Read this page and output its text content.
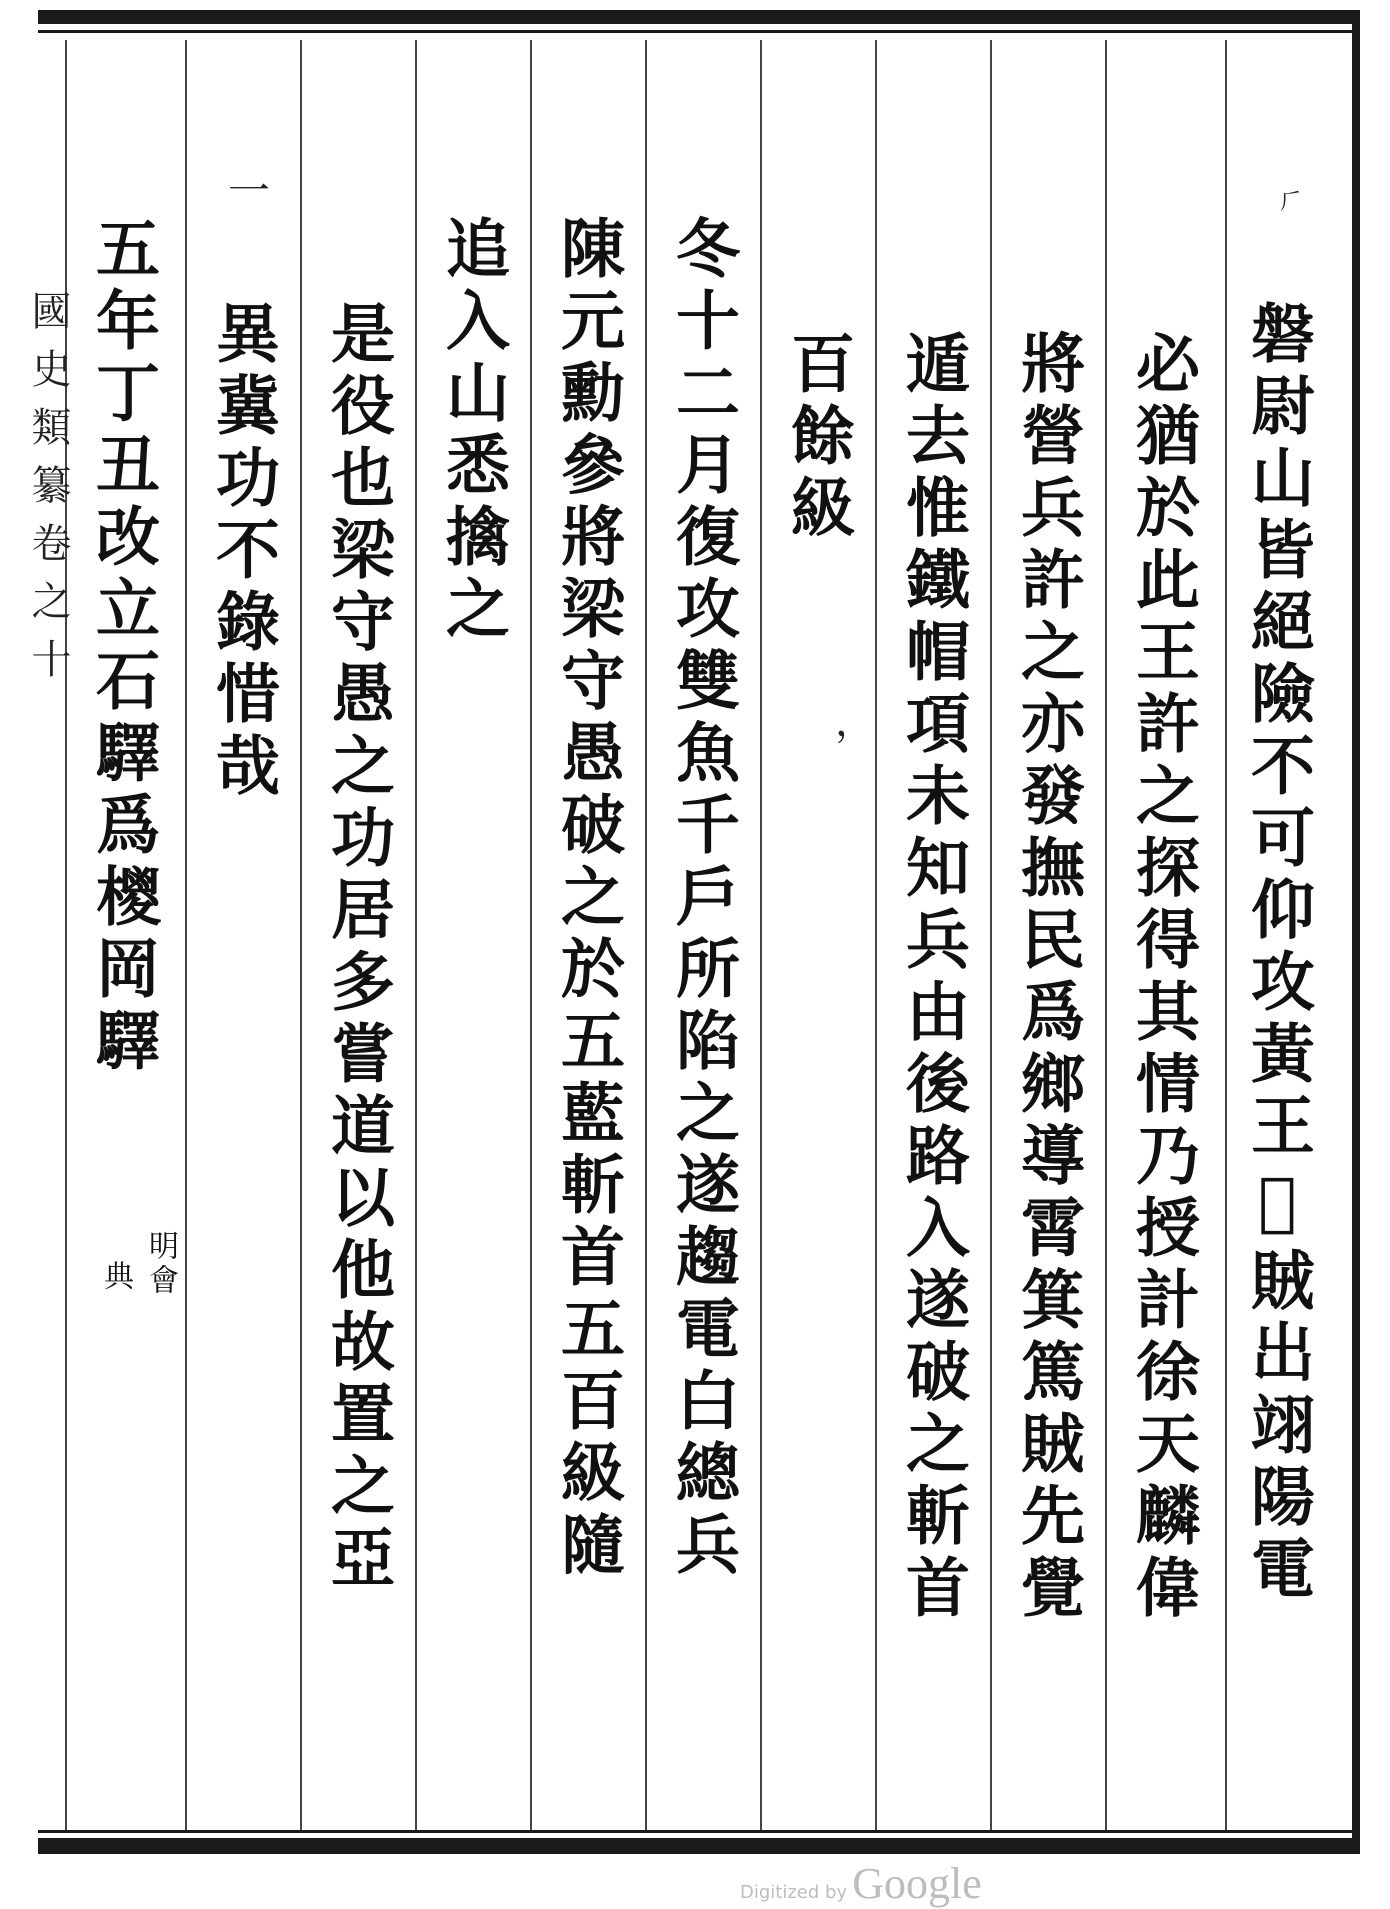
磐尉山皆絕險不可仰攻黃王𤥨賊出翊陽電
必猶於此王許之探得其情乃授計徐天麟偉
將營兵許之亦發撫民爲鄉導霄箕篤賊先覺
遁去惟鐵帽項未知兵由後路入遂破之斬首
百餘級
冬十二月復攻雙魚千戶所陷之遂趨電白總兵
陳元勳參將梁守愚破之於五藍斬首五百級隨
追入山悉擒之
是役也梁守愚之功居多嘗道以他故置之亞
異冀功不錄惜哉
五年丁丑改立石驛爲㯶岡驛
明會
典
一
，
𠂆
國史類纂卷之十
Digitized by Google
